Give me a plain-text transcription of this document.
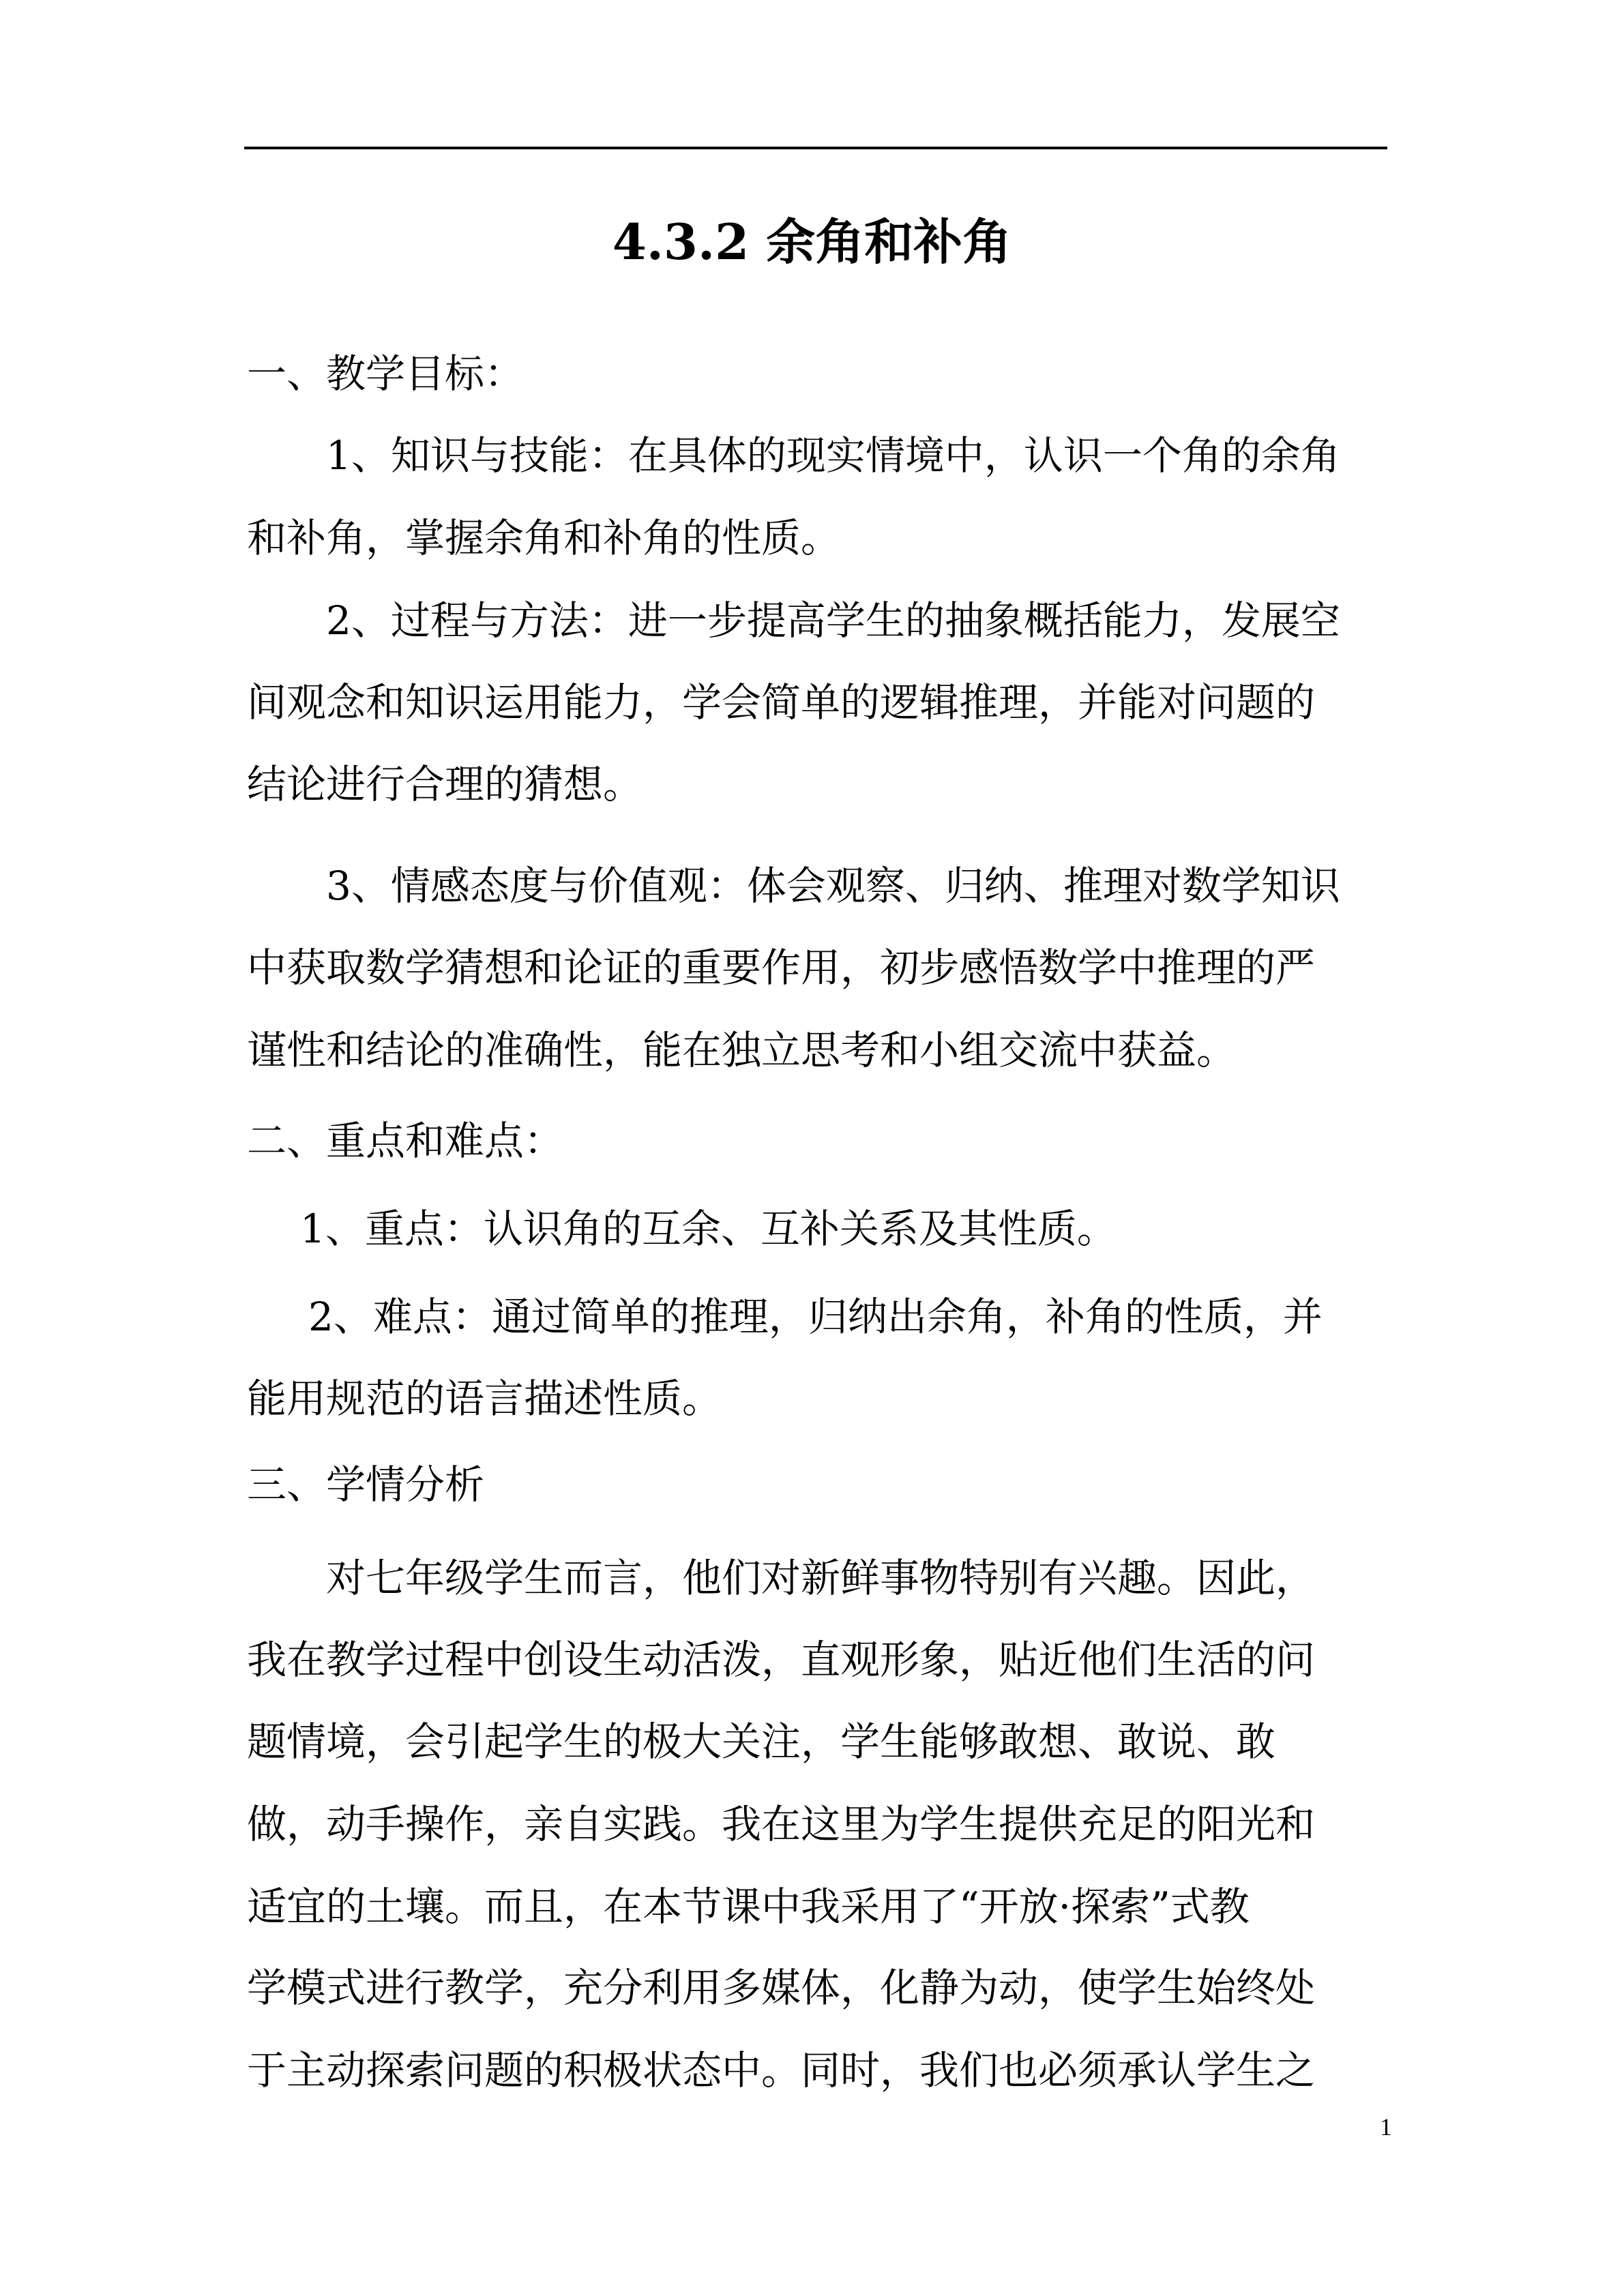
4.3.2 余角和补角
一、教学目标：
1、知识与技能：在具体的现实情境中，认识一个角的余角
和补角，掌握余角和补角的性质。
2、过程与方法：进一步提高学生的抽象概括能力，发展空
间观念和知识运用能力，学会简单的逻辑推理，并能对问题的
结论进行合理的猜想。
3、情感态度与价值观：体会观察、归纳、推理对数学知识
中获取数学猜想和论证的重要作用，初步感悟数学中推理的严
谨性和结论的准确性，能在独立思考和小组交流中获益。
二、重点和难点：
1、重点：认识角的互余、互补关系及其性质。
2、难点：通过简单的推理，归纳出余角，补角的性质，并
能用规范的语言描述性质。
三、学情分析
对七年级学生而言，他们对新鲜事物特别有兴趣。因此，
我在教学过程中创设生动活泼，直观形象，贴近他们生活的问
题情境，会引起学生的极大关注，学生能够敢想、敢说、敢
做，动手操作，亲自实践。我在这里为学生提供充足的阳光和
适宜的土壤。而且，在本节课中我采用了“开放·探索”式教
学模式进行教学，充分利用多媒体，化静为动，使学生始终处
于主动探索问题的积极状态中。同时，我们也必须承认学生之
1
